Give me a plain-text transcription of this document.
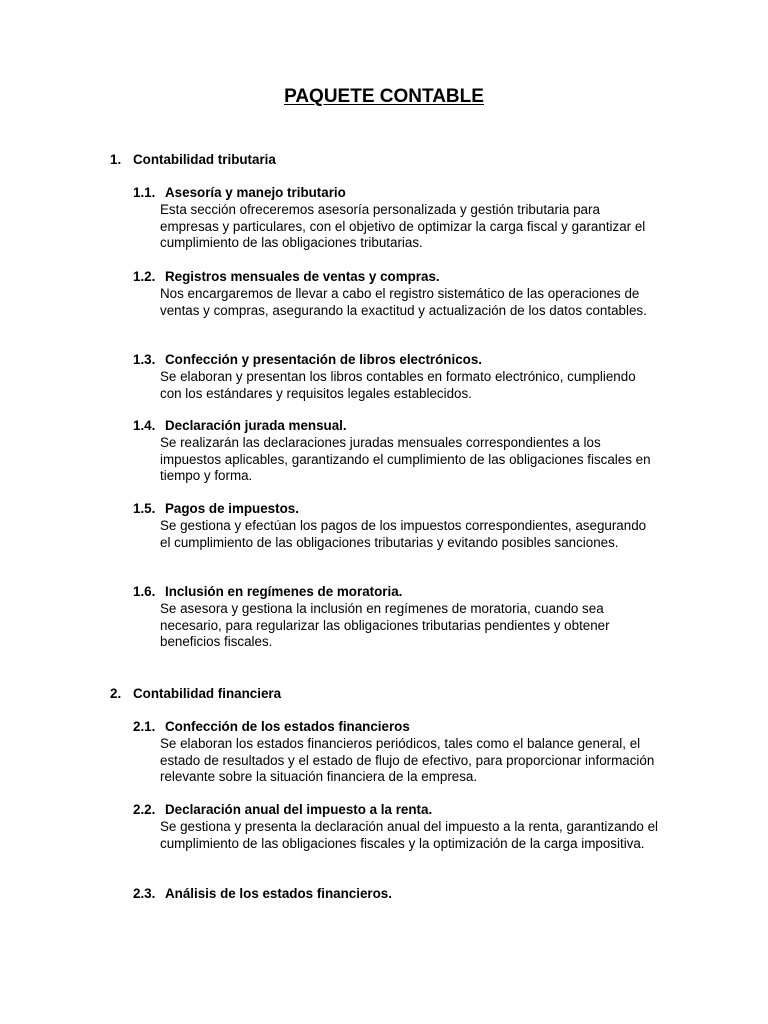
PAQUETE CONTABLE
1. Contabilidad tributaria
1.1. Asesoría y manejo tributario
Esta sección ofreceremos asesoría personalizada y gestión tributaria para empresas y particulares, con el objetivo de optimizar la carga fiscal y garantizar el cumplimiento de las obligaciones tributarias.
1.2. Registros mensuales de ventas y compras.
Nos encargaremos de llevar a cabo el registro sistemático de las operaciones de ventas y compras, asegurando la exactitud y actualización de los datos contables.
1.3. Confección y presentación de libros electrónicos.
Se elaboran y presentan los libros contables en formato electrónico, cumpliendo con los estándares y requisitos legales establecidos.
1.4. Declaración jurada mensual.
Se realizarán las declaraciones juradas mensuales correspondientes a los impuestos aplicables, garantizando el cumplimiento de las obligaciones fiscales en tiempo y forma.
1.5. Pagos de impuestos.
Se gestiona y efectúan los pagos de los impuestos correspondientes, asegurando el cumplimiento de las obligaciones tributarias y evitando posibles sanciones.
1.6. Inclusión en regímenes de moratoria.
Se asesora y gestiona la inclusión en regímenes de moratoria, cuando sea necesario, para regularizar las obligaciones tributarias pendientes y obtener beneficios fiscales.
2. Contabilidad financiera
2.1. Confección de los estados financieros
Se elaboran los estados financieros periódicos, tales como el balance general, el estado de resultados y el estado de flujo de efectivo, para proporcionar información relevante sobre la situación financiera de la empresa.
2.2. Declaración anual del impuesto a la renta.
Se gestiona y presenta la declaración anual del impuesto a la renta, garantizando el cumplimiento de las obligaciones fiscales y la optimización de la carga impositiva.
2.3. Análisis de los estados financieros.
